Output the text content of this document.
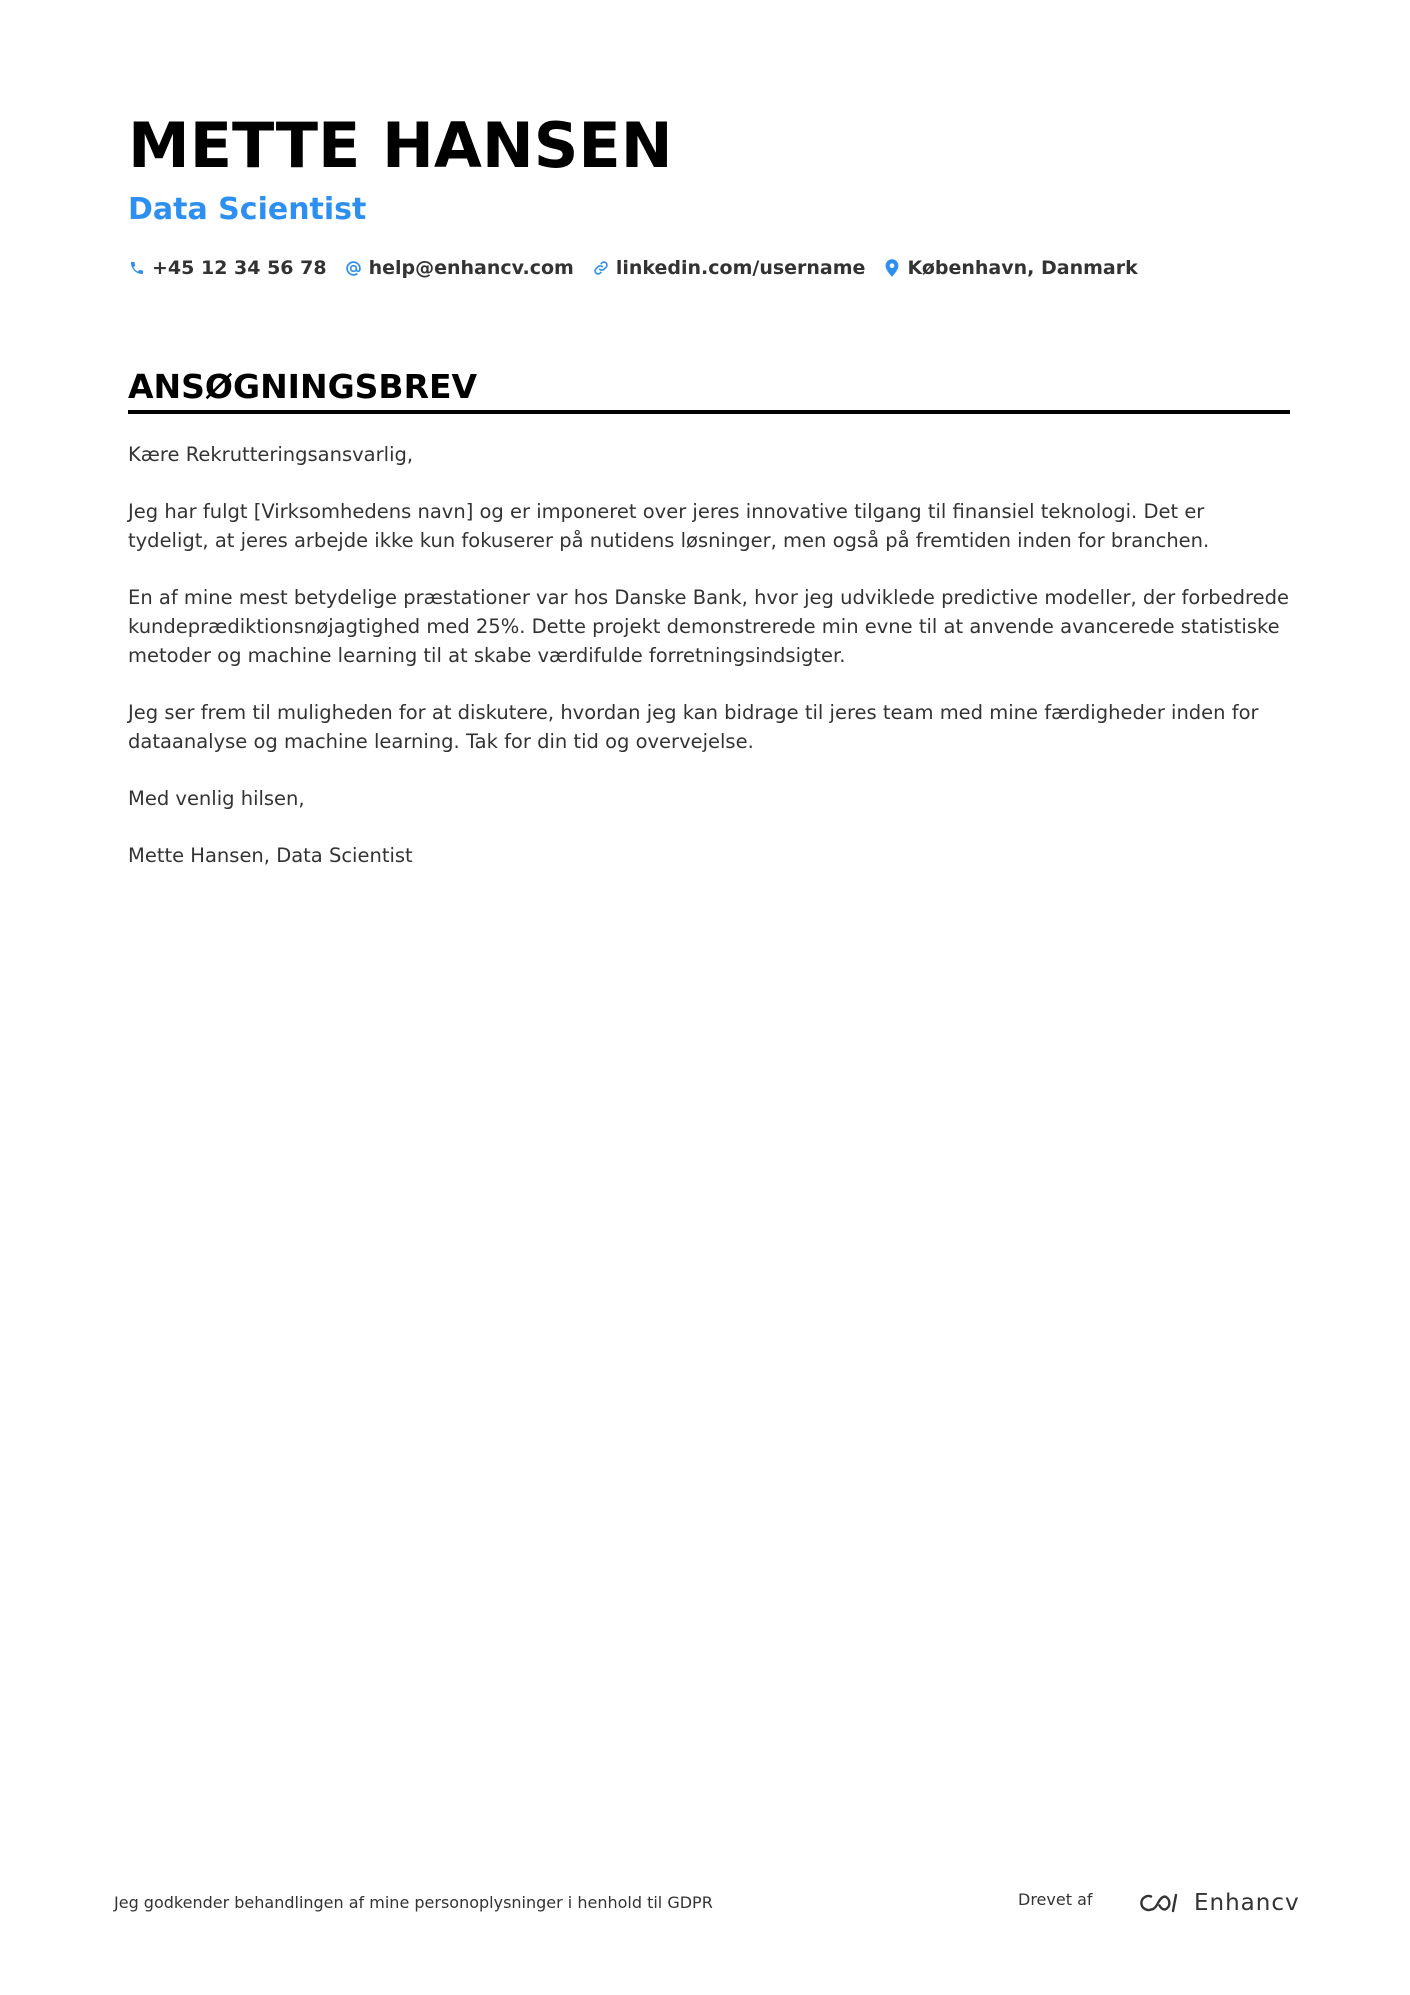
METTE HANSEN
Data Scientist
+45 12 34 56 78 help@enhancv.com linkedin.com/username København, Danmark
ANSØGNINGSBREV

Kære Rekrutteringsansvarlig,

Jeg har fulgt [Virksomhedens navn] og er imponeret over jeres innovative tilgang til finansiel teknologi. Det er tydeligt, at jeres arbejde ikke kun fokuserer på nutidens løsninger, men også på fremtiden inden for branchen.

En af mine mest betydelige præstationer var hos Danske Bank, hvor jeg udviklede predictive modeller, der forbedrede kundeprædiktionsnøjagtighed med 25%. Dette projekt demonstrerede min evne til at anvende avancerede statistiske metoder og machine learning til at skabe værdifulde forretningsindsigter.

Jeg ser frem til muligheden for at diskutere, hvordan jeg kan bidrage til jeres team med mine færdigheder inden for dataanalyse og machine learning. Tak for din tid og overvejelse.

Med venlig hilsen,

Mette Hansen, Data Scientist

Jeg godkender behandlingen af mine personoplysninger i henhold til GDPR	Drevet af	Enhancv
